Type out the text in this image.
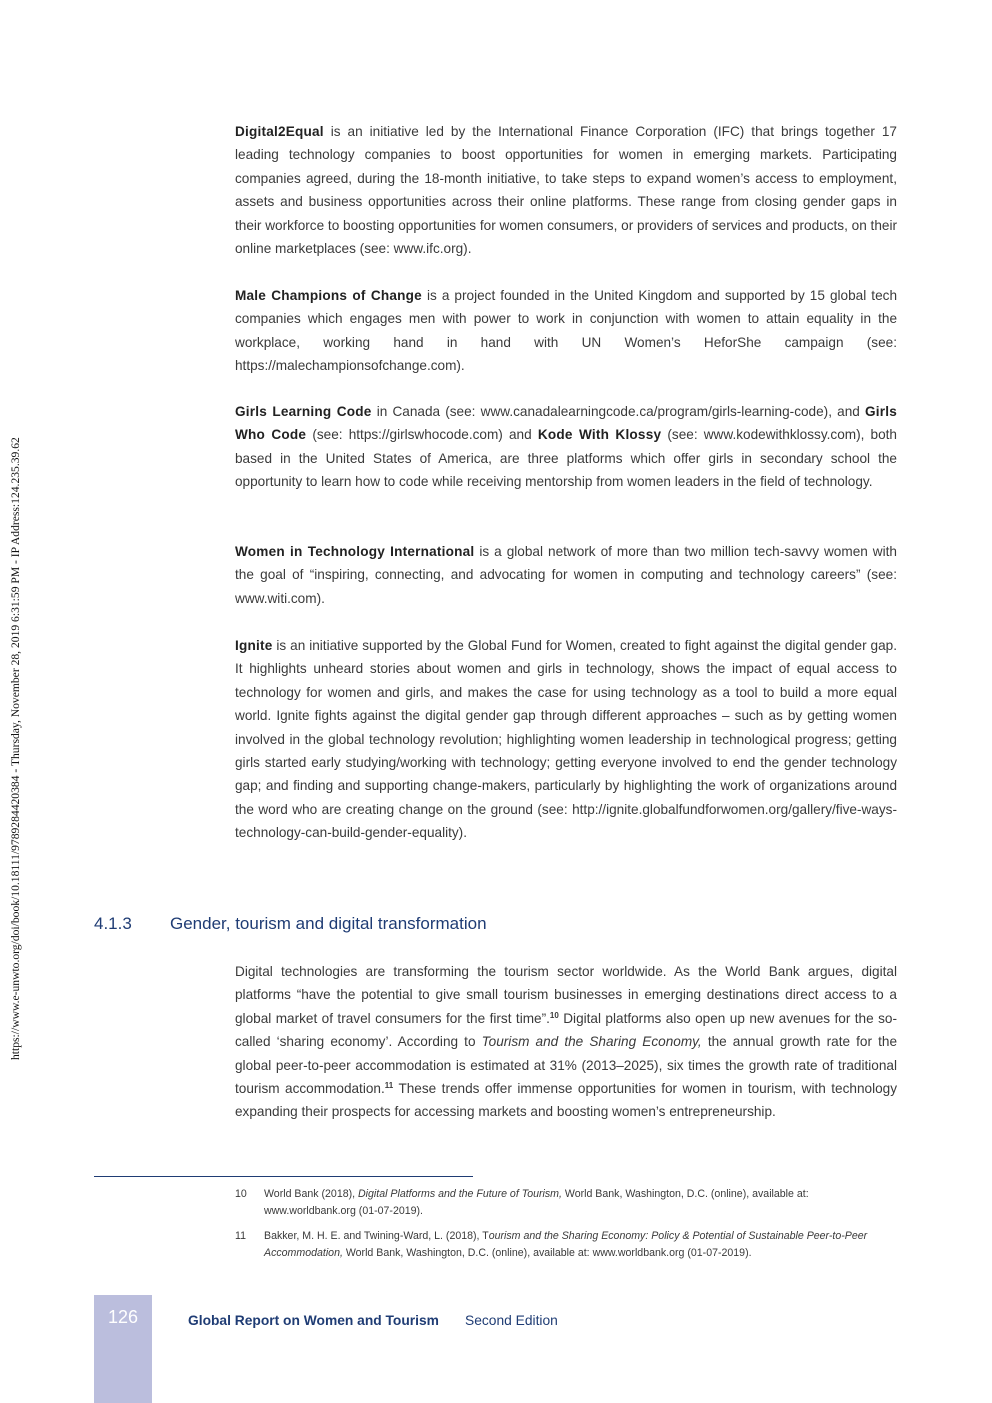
https://www.e-unwto.org/doi/book/10.18111/9789284420384 - Thursday, November 28, 2019 6:31:59 PM - IP Address:124.235.39.62

Digital2Equal is an initiative led by the International Finance Corporation (IFC) that brings together 17 leading technology companies to boost opportunities for women in emerging markets. Participating companies agreed, during the 18-month initiative, to take steps to expand women’s access to employment, assets and business opportunities across their online platforms. These range from closing gender gaps in their workforce to boosting opportunities for women consumers, or providers of services and products, on their online marketplaces (see: www.ifc.org).

Male Champions of Change is a project founded in the United Kingdom and supported by 15 global tech companies which engages men with power to work in conjunction with women to attain equality in the workplace, working hand in hand with UN Women’s HeforShe campaign (see: https://malechampionsofchange.com).

Girls Learning Code in Canada (see: www.canadalearningcode.ca/program/girls-learning-code), and Girls Who Code (see: https://girlswhocode.com) and Kode With Klossy (see: www.kodewithklossy.com), both based in the United States of America, are three platforms which offer girls in secondary school the opportunity to learn how to code while receiving mentorship from women leaders in the field of technology.

Women in Technology International is a global network of more than two million tech-savvy women with the goal of “inspiring, connecting, and advocating for women in computing and technology careers” (see: www.witi.com).

Ignite is an initiative supported by the Global Fund for Women, created to fight against the digital gender gap. It highlights unheard stories about women and girls in technology, shows the impact of equal access to technology for women and girls, and makes the case for using technology as a tool to build a more equal world. Ignite fights against the digital gender gap through different approaches – such as by getting women involved in the global technology revolution; highlighting women leadership in technological progress; getting girls started early studying/working with technology; getting everyone involved to end the gender technology gap; and finding and supporting change-makers, particularly by highlighting the work of organizations around the word who are creating change on the ground (see: http://ignite.globalfundforwomen.org/gallery/five-ways-technology-can-build-gender-equality).

4.1.3 Gender, tourism and digital transformation

Digital technologies are transforming the tourism sector worldwide. As the World Bank argues, digital platforms “have the potential to give small tourism businesses in emerging destinations direct access to a global market of travel consumers for the first time”.$^{10}$ Digital platforms also open up new avenues for the so-called ‘sharing economy’. According to Tourism and the Sharing Economy, the annual growth rate for the global peer-to-peer accommodation is estimated at 31% (2013–2025), six times the growth rate of traditional tourism accommodation.$^{11}$ These trends offer immense opportunities for women in tourism, with technology expanding their prospects for accessing markets and boosting women’s entrepreneurship.

10	World Bank (2018), Digital Platforms and the Future of Tourism, World Bank, Washington, D.C. (online), available at: www.worldbank.org (01-07-2019).
11	Bakker, M. H. E. and Twining-Ward, L. (2018), Tourism and the Sharing Economy: Policy & Potential of Sustainable Peer-to-Peer Accommodation, World Bank, Washington, D.C. (online), available at: www.worldbank.org (01-07-2019).
126	Global Report on Women and Tourism Second Edition
